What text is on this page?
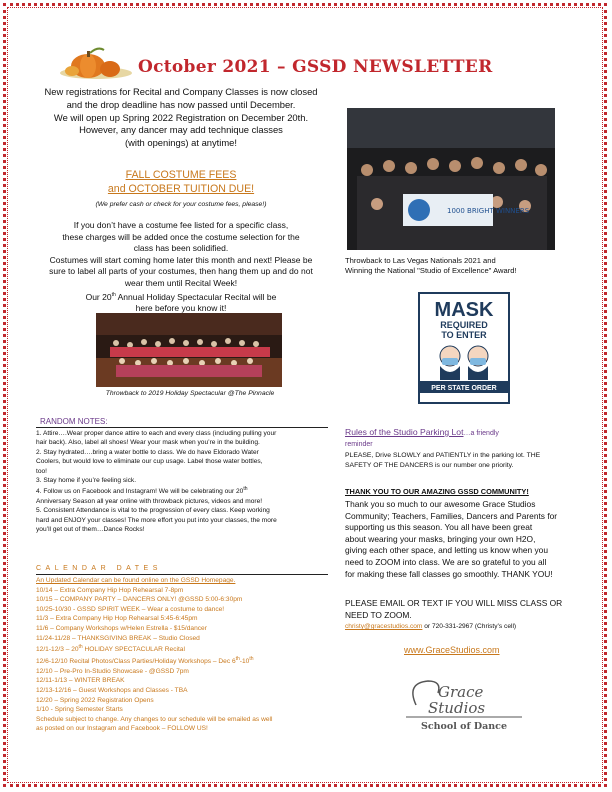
October 2021 – GSSD NEWSLETTER
New registrations for Recital and Company Classes is now closed
and the drop deadline has now passed until December.
We will open up Spring 2022 Registration on December 20th.
However, any dancer may add technique classes
(with openings) at anytime!
FALL COSTUME FEES
and OCTOBER TUITION DUE!
(We prefer cash or check for your costume fees, please!)
If you don’t have a costume fee listed for a specific class,
these charges will be added once the costume selection for the
class has been solidified.
Costumes will start coming home later this month and next! Please be
sure to label all parts of your costumes, then hang them up and do not
wear them until Recital Week!
Our 20th Annual Holiday Spectacular Recital will be
here before you know it!
Throwback to 2019 Holiday Spectacular @The Pinnacle
1000 BRIGHT WINNERS
Throwback to Las Vegas Nationals 2021 and
Winning the National "Studio of Excellence" Award!
MASK
REQUIRED
TO ENTER
PER STATE ORDER
RANDOM NOTES:
1. Attire….Wear proper dance attire to each and every class (including pulling your
hair back). Also, label all shoes! Wear your mask when you’re in the building.
2. Stay hydrated….bring a water bottle to class. We do have Eldorado Water
Coolers, but would love to eliminate our cup usage. Label those water bottles,
too!
3. Stay home if you’re feeling sick.
4. Follow us on Facebook and Instagram! We will be celebrating our 20th
Anniversary Season all year online with throwback pictures, videos and more!
5. Consistent Attendance is vital to the progression of every class. Keep working
hard and ENJOY your classes! The more effort you put into your classes, the more
you’ll get out of them…Dance Rocks!
CALENDAR DATES
An Updated Calendar can be found online on the GSSD Homepage.
10/14 – Extra Company Hip Hop Rehearsal 7-8pm
10/15 – COMPANY PARTY – DANCERS ONLY! @GSSD 5:00-6:30pm
10/25-10/30 - GSSD SPIRIT WEEK – Wear a costume to dance!
11/3 – Extra Company Hip Hop Rehearsal 5:45-6:45pm
11/6 – Company Workshops w/Helen Estrella - $15/dancer
11/24-11/28 – THANKSGIVING BREAK – Studio Closed
12/1-12/3 – 20th HOLIDAY SPECTACULAR Recital
12/6-12/10 Recital Photos/Class Parties/Holiday Workshops – Dec 6th-10th
12/10 – Pre-Pro In-Studio Showcase - @GSSD 7pm
12/11-1/13 – WINTER BREAK
12/13-12/16 – Guest Workshops and Classes - TBA
12/20 – Spring 2022 Registration Opens
1/10 - Spring Semester Starts
Schedule subject to change. Any changes to our schedule will be emailed as well
as posted on our Instagram and Facebook – FOLLOW US!
Rules of the Studio Parking Lot…a friendly
reminder
PLEASE, Drive SLOWLY and PATIENTLY in the parking lot. THE
SAFETY OF THE DANCERS is our number one priority.
THANK YOU TO OUR AMAZING GSSD COMMUNITY!
Thank you so much to our awesome Grace Studios
Community; Teachers, Families, Dancers and Parents for
supporting us this season. You all have been great
about wearing your masks, bringing your own H2O,
giving each other space, and letting us know when you
need to ZOOM into class. We are so grateful to you all
for making these fall classes go smoothly. THANK YOU!
PLEASE EMAIL OR TEXT IF YOU WILL MISS CLASS OR
NEED TO ZOOM.
christy@gracestudios.com or 720-331-2967 (Christy’s cell)
www.GraceStudios.com
Grace
Studios
School of Dance
